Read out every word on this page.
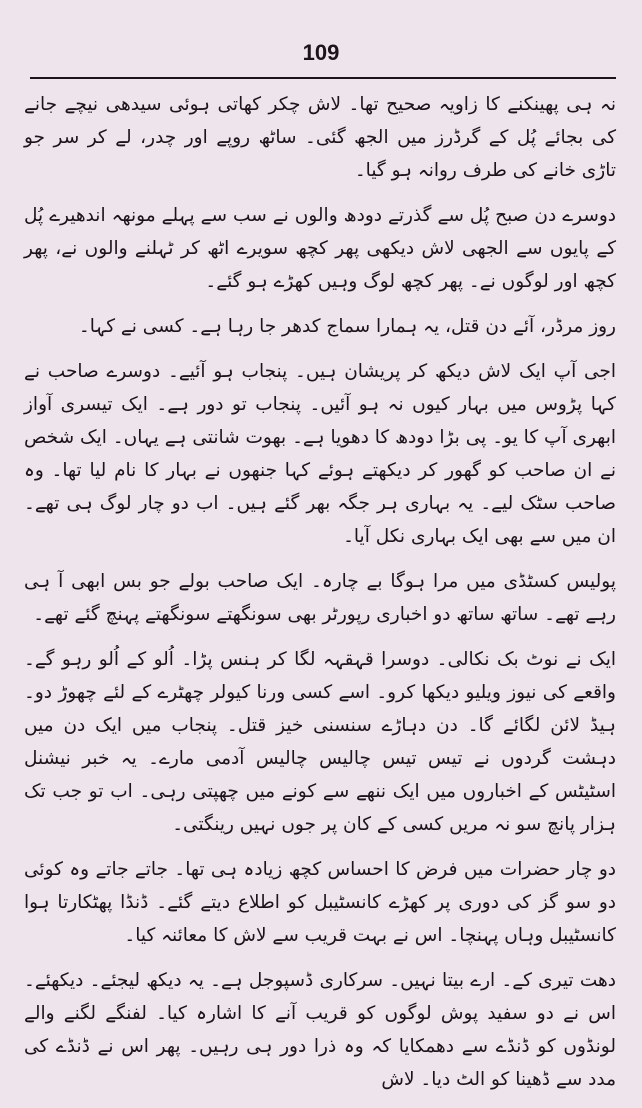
109

نہ ہی پھینکنے کا زاویہ صحیح تھا۔ لاش چکر کھاتی ہوئی سیدھی نیچے جانے کی بجائے پُل کے گرڈرز میں الجھ گئی۔ ساٹھ روپے اور چدر، لے کر سر جو تاڑی خانے کی طرف روانہ ہو گیا۔

دوسرے دن صبح پُل سے گذرتے دودھ والوں نے سب سے پہلے مونھہ اندھیرے پُل کے پایوں سے الجھی لاش دیکھی پھر کچھ سویرے اٹھ کر ٹہلنے والوں نے، پھر کچھ اور لوگوں نے۔ پھر کچھ لوگ وہیں کھڑے ہو گئے۔

روز مرڈر، آئے دن قتل، یہ ہمارا سماج کدھر جا رہا ہے۔ کسی نے کہا۔

اجی آپ ایک لاش دیکھ کر پریشان ہیں۔ پنجاب ہو آئیے۔ دوسرے صاحب نے کہا پڑوس میں بہار کیوں نہ ہو آئیں۔ پنجاب تو دور ہے۔ ایک تیسری آواز ابھری آپ کا یو۔ پی بڑا دودھ کا دھویا ہے۔ بھوت شانتی ہے یہاں۔ ایک شخص نے ان صاحب کو گھور کر دیکھتے ہوئے کہا جنھوں نے بہار کا نام لیا تھا۔ وہ صاحب سٹک لیے۔ یہ بہاری ہر جگہ بھر گئے ہیں۔ اب دو چار لوگ ہی تھے۔ ان میں سے بھی ایک بہاری نکل آیا۔

پولیس کسٹڈی میں مرا ہوگا بے چارہ۔ ایک صاحب بولے جو بس ابھی آ ہی رہے تھے۔ ساتھ ساتھ دو اخباری رپورٹر بھی سونگھتے سونگھتے پہنچ گئے تھے۔

ایک نے نوٹ بک نکالی۔ دوسرا قہقہہ لگا کر ہنس پڑا۔ اُلو کے اُلو رہو گے۔ واقعے کی نیوز ویلیو دیکھا کرو۔ اسے کسی ورنا کیولر چھٹرے کے لئے چھوڑ دو۔ ہیڈ لائن لگائے گا۔ دن دہاڑے سنسنی خیز قتل۔ پنجاب میں ایک دن میں دہشت گردوں نے تیس تیس چالیس چالیس آدمی مارے۔ یہ خبر نیشنل اسٹیٹس کے اخباروں میں ایک ننھے سے کونے میں چھپتی رہی۔ اب تو جب تک ہزار پانچ سو نہ مریں کسی کے کان پر جوں نہیں رینگتی۔

دو چار حضرات میں فرض کا احساس کچھ زیادہ ہی تھا۔ جاتے جاتے وہ کوئی دو سو گز کی دوری پر کھڑے کانسٹیبل کو اطلاع دیتے گئے۔ ڈنڈا پھٹکارتا ہوا کانسٹیبل وہاں پہنچا۔ اس نے بہت قریب سے لاش کا معائنہ کیا۔

دھت تیری کے۔ ارے بیتا نہیں۔ سرکاری ڈسپوجل ہے۔ یہ دیکھ لیجئے۔ دیکھئے۔ اس نے دو سفید پوش لوگوں کو قریب آنے کا اشارہ کیا۔ لفنگے لگنے والے لونڈوں کو ڈنڈے سے دھمکایا کہ وہ ذرا دور ہی رہیں۔ پھر اس نے ڈنڈے کی مدد سے ڈھینا کو الٹ دیا۔ لاش
